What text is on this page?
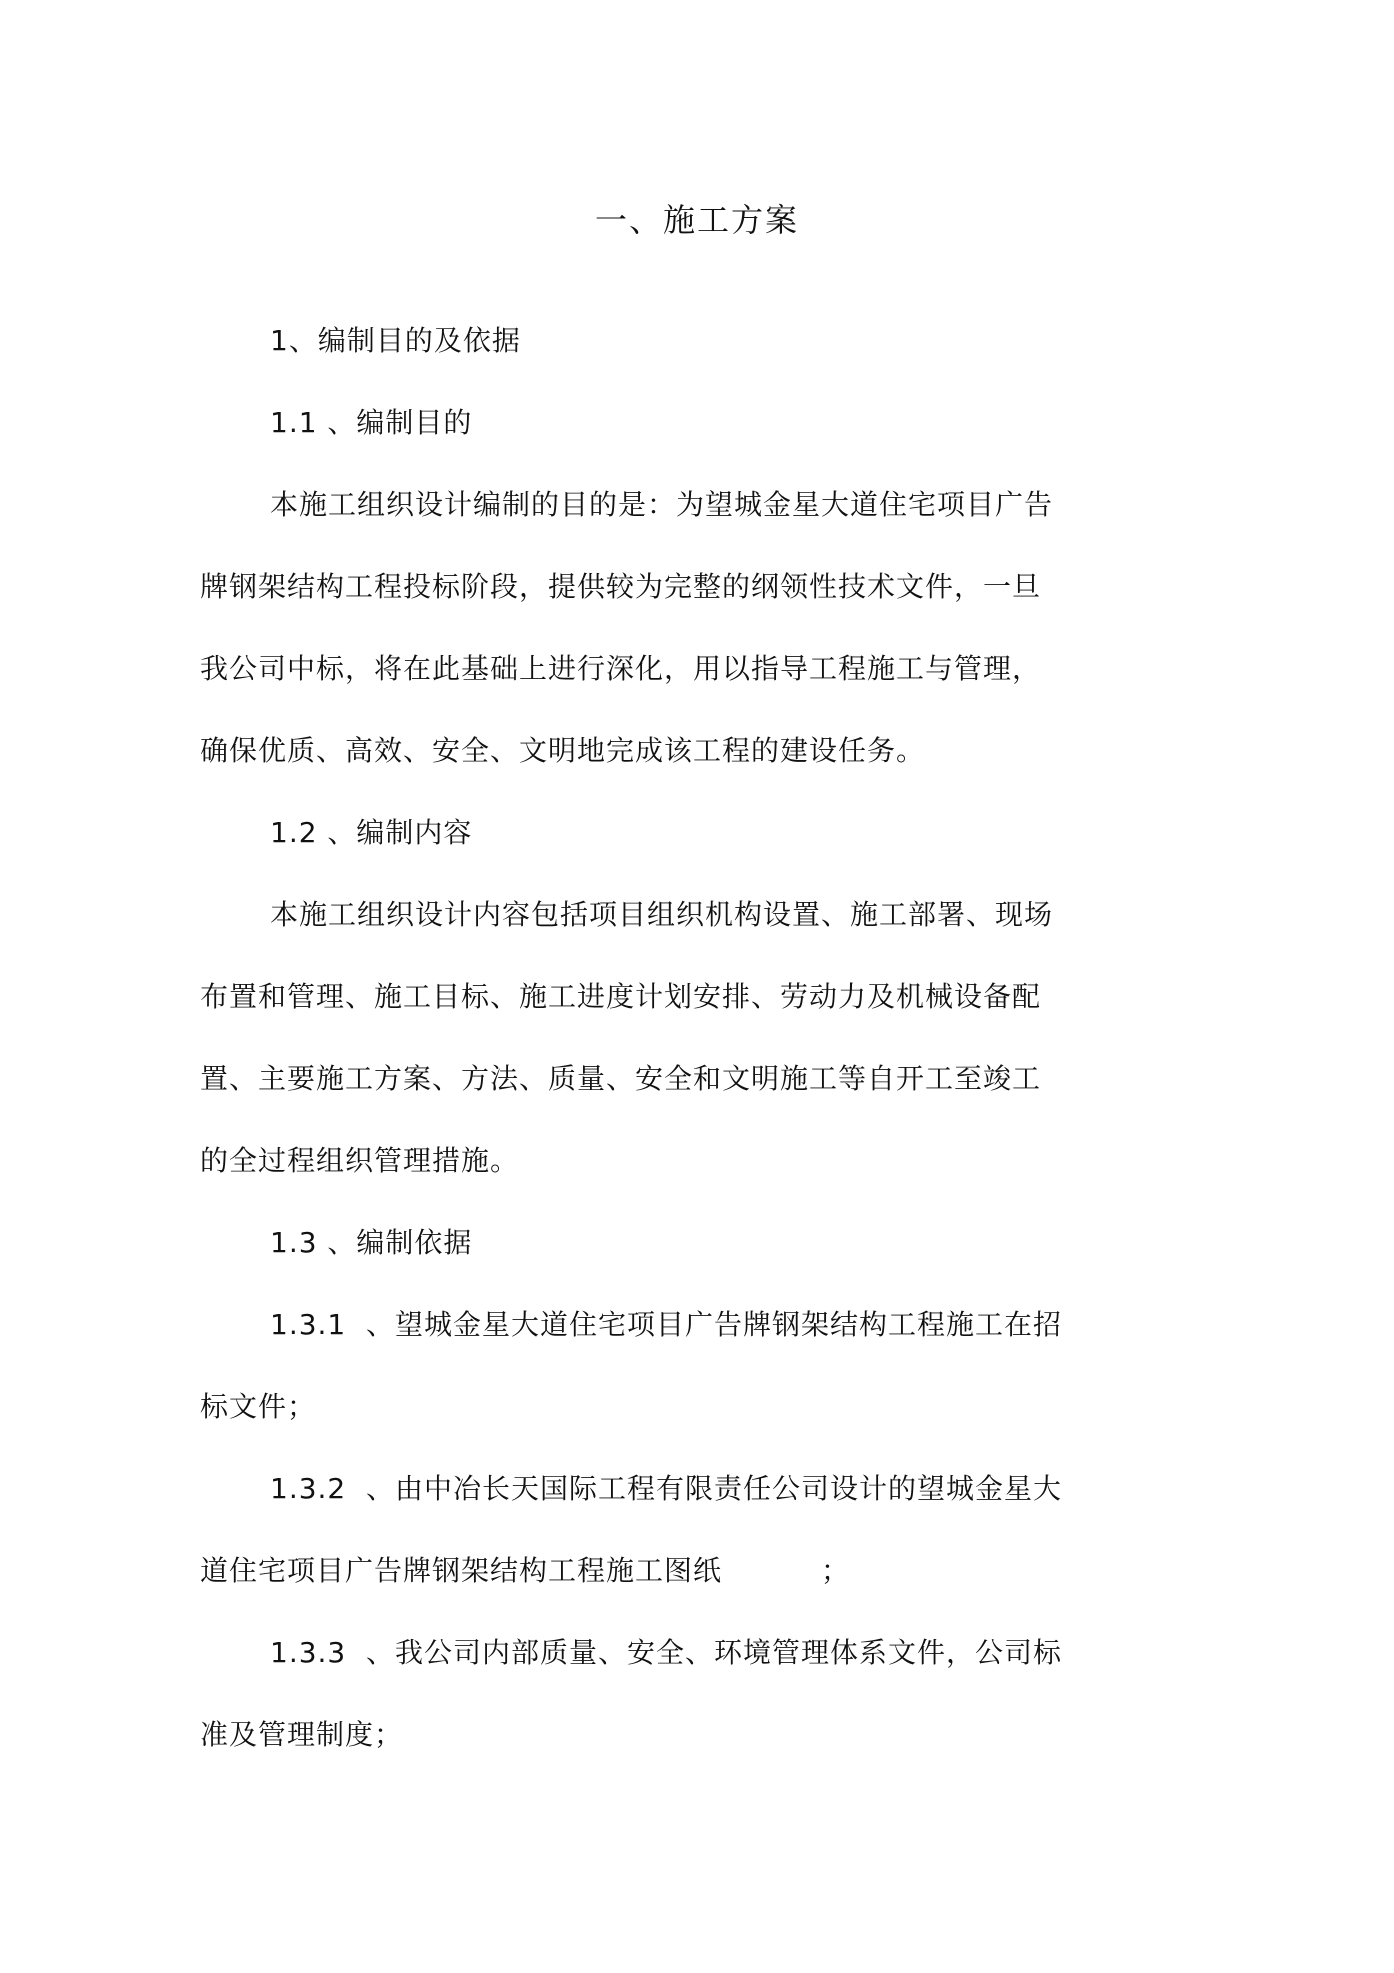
一、施工方案

1、编制目的及依据

1.1 、编制目的

本施工组织设计编制的目的是：为望城金星大道住宅项目广告

牌钢架结构工程投标阶段，提供较为完整的纲领性技术文件，一旦

我公司中标，将在此基础上进行深化，用以指导工程施工与管理，

确保优质、高效、安全、文明地完成该工程的建设任务。

1.2 、编制内容

本施工组织设计内容包括项目组织机构设置、施工部署、现场

布置和管理、施工目标、施工进度计划安排、劳动力及机械设备配

置、主要施工方案、方法、质量、安全和文明施工等自开工至竣工

的全过程组织管理措施。

1.3 、编制依据

1.3.1  、望城金星大道住宅项目广告牌钢架结构工程施工在招

标文件；

1.3.2  、由中冶长天国际工程有限责任公司设计的望城金星大

道住宅项目广告牌钢架结构工程施工图纸          ；

1.3.3  、我公司内部质量、安全、环境管理体系文件，公司标

准及管理制度；
